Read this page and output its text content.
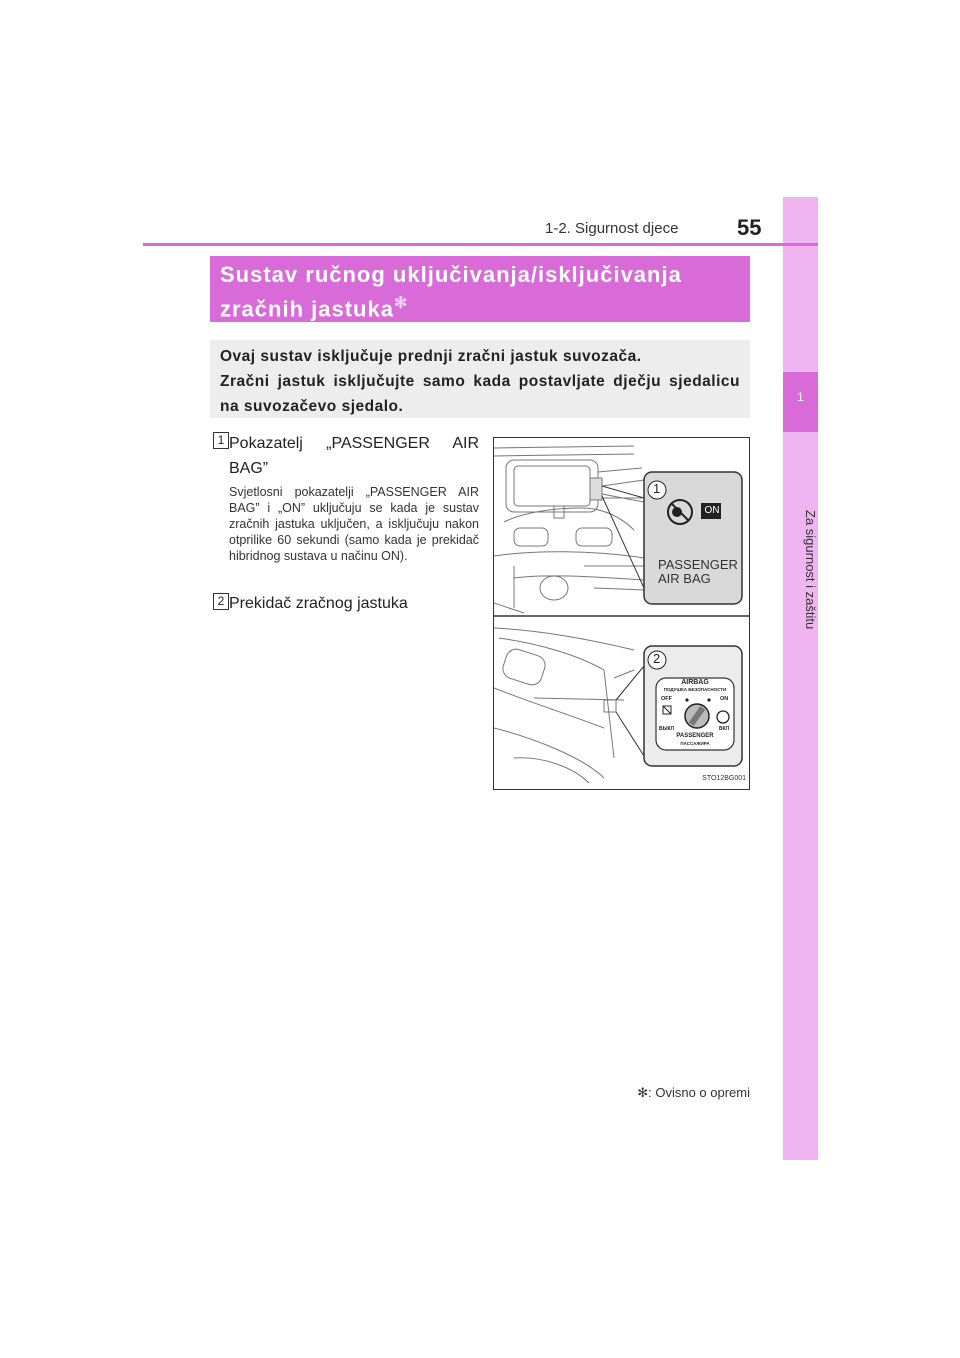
1
Za sigurnost i zaštitu
1-2. Sigurnost djece	55
Sustav ručnog uključivanja/isključivanja
zračnih jastuka✻
Ovaj sustav isključuje prednji zračni jastuk suvozača.
Zračni jastuk isključujte samo kada postavljate dječju sjedalicu
na suvozačevo sjedalo.
1 Pokazatelj „PASSENGER AIR BAG”
Svjetlosni pokazatelji „PASSENGER AIR BAG” i „ON” uključuju se kada je sustav zračnih jastuka uključen, a isključuju nakon otprilike 60 sekundi (samo kada je prekidač hibridnog sustava u načinu ON).
2 Prekidač zračnog jastuka
1
2
ON
PASSENGER
AIR BAG
AIRBAG
ПОДУШКА БЕЗОПАСНОСТИ
OFF	ON
ВЫКЛ	ВКЛ
PASSENGER
ПАССАЖИРА
STO12BG001
✻: Ovisno o opremi
